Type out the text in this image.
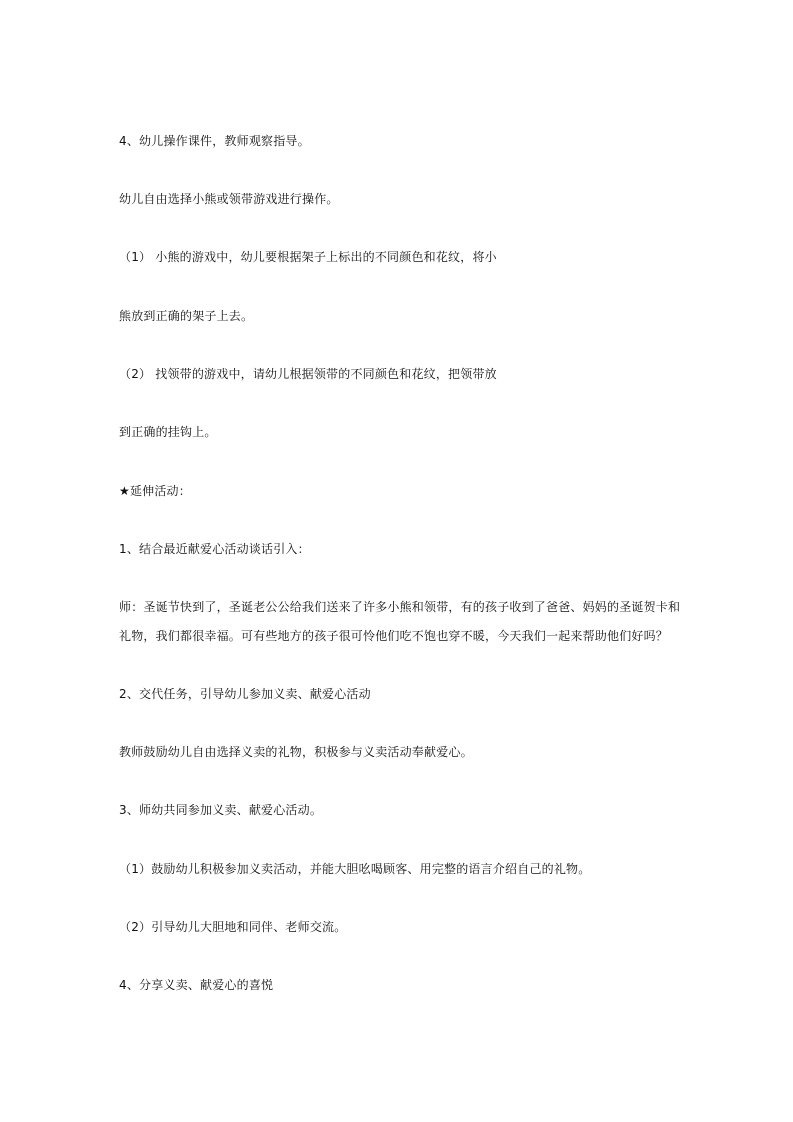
4、幼儿操作课件，教师观察指导。
幼儿自由选择小熊或领带游戏进行操作。
（1） 小熊的游戏中，幼儿要根据架子上标出的不同颜色和花纹，将小
熊放到正确的架子上去。
（2） 找领带的游戏中，请幼儿根据领带的不同颜色和花纹，把领带放
到正确的挂钩上。
★延伸活动：
1、结合最近献爱心活动谈话引入：
师：圣诞节快到了，圣诞老公公给我们送来了许多小熊和领带，有的孩子收到了爸爸、妈妈的圣诞贺卡和
礼物，我们都很幸福。可有些地方的孩子很可怜他们吃不饱也穿不暖，今天我们一起来帮助他们好吗？
2、交代任务，引导幼儿参加义卖、献爱心活动
教师鼓励幼儿自由选择义卖的礼物，积极参与义卖活动奉献爱心。
3、师幼共同参加义卖、献爱心活动。
（1）鼓励幼儿积极参加义卖活动，并能大胆吆喝顾客、用完整的语言介绍自己的礼物。
（2）引导幼儿大胆地和同伴、老师交流。
4、分享义卖、献爱心的喜悦
